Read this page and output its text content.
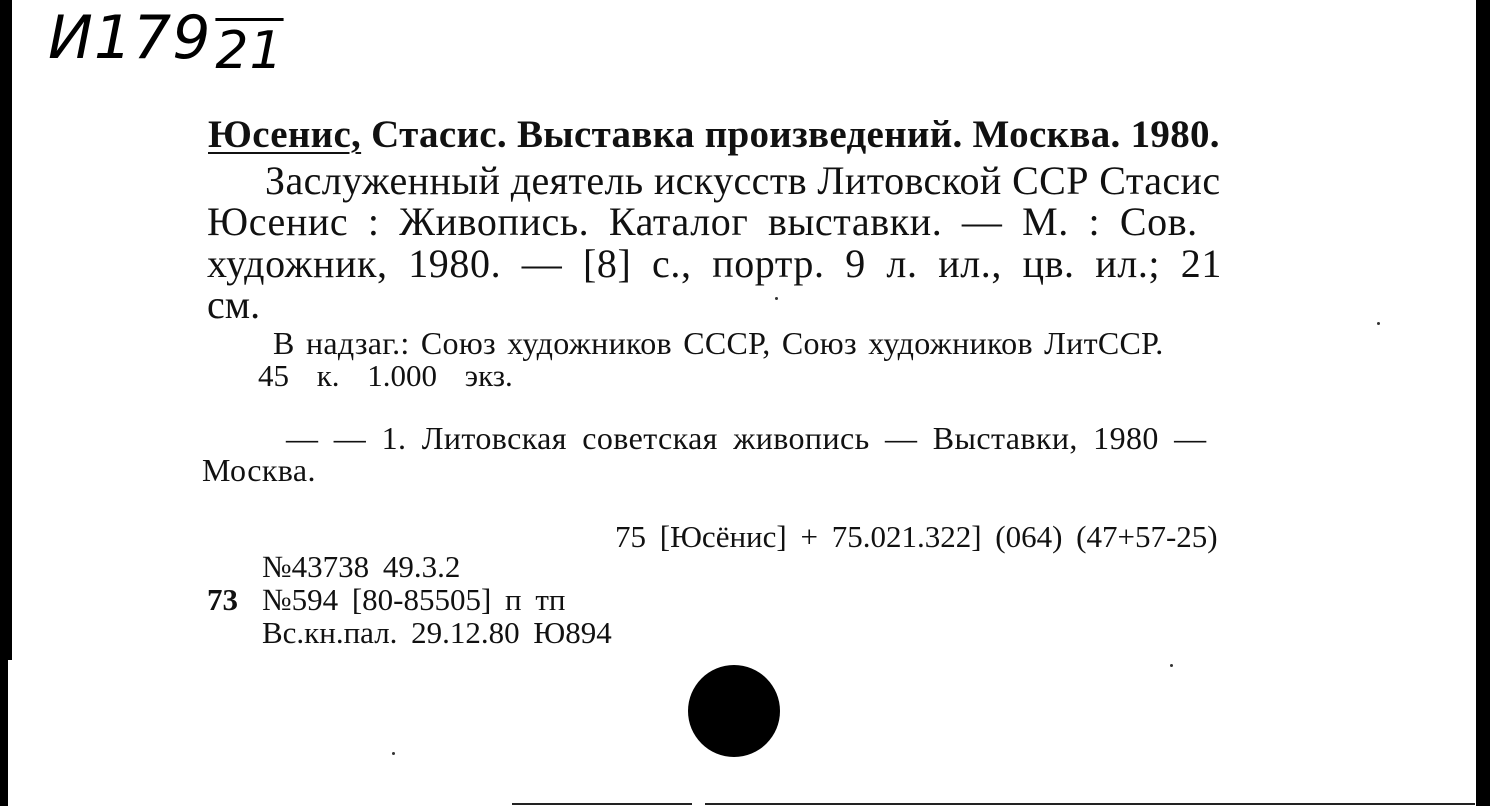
И17921
Юсенис, Стасис. Выставка произведений. Москва. 1980.
Заслуженный деятель искусств Литовской ССР Стасис
Юсенис : Живопись. Каталог выставки. — М. : Сов.
художник, 1980. — [8] с., портр. 9 л. ил., цв. ил.; 21
см.
В надзаг.: Союз художников СССР, Союз художников ЛитССР.
45 к. 1.000 экз.
— — 1. Литовская советская живопись — Выставки, 1980 —
Москва.
75 [Юсёнис] + 75.021.322] (064) (47+57-25)
№43738 49.3.2
73 №594 [80-85505] п тп
Вс.кн.пал. 29.12.80 Ю894
